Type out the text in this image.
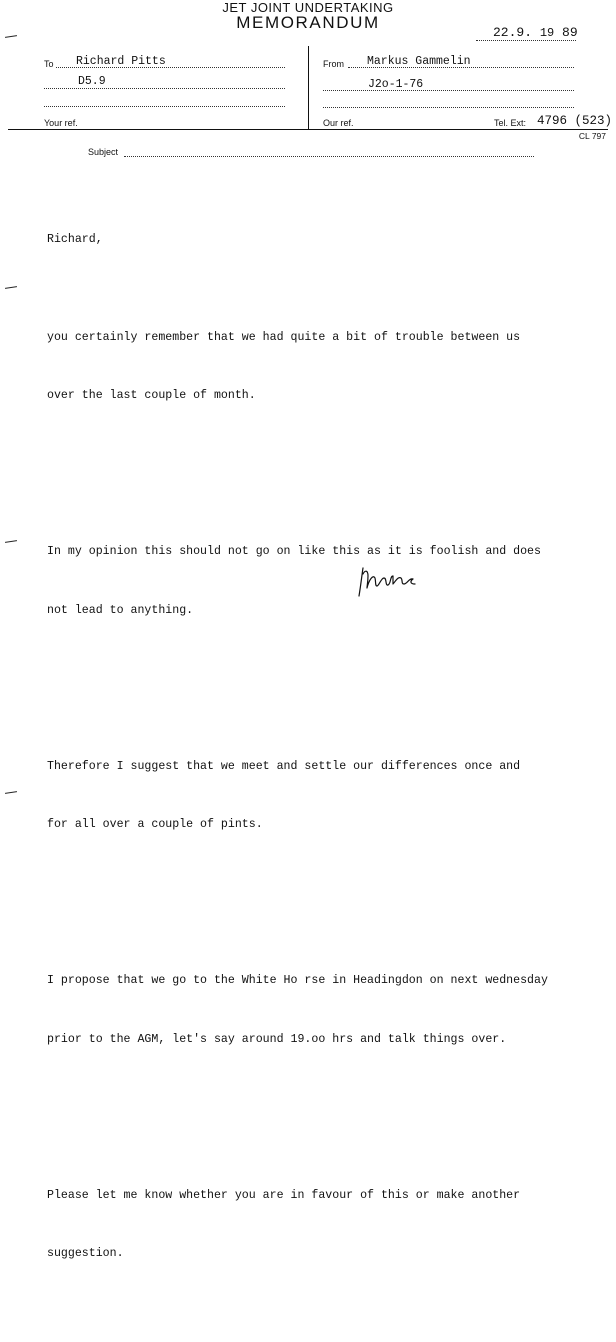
JET JOINT UNDERTAKING
MEMORANDUM
22.9. 19 89
To Richard Pitts
D5.9
From Markus Gammelin
J2o-1-76
Your ref.	Our ref.	Tel. Ext: 4796 (523)
CL 797
Subject

Richard,

you certainly remember that we had quite a bit of trouble between us

over the last couple of month.

In my opinion this should not go on like this as it is foolish and does

not lead to anything.

Therefore I suggest that we meet and settle our differences once and

for all over a couple of pints.

I propose that we go to the White Ho rse in Headingdon on next wednesday

prior to the AGM, let's say around 19.oo hrs and talk things over.

Please let me know whether you are in favour of this or make another

suggestion.
